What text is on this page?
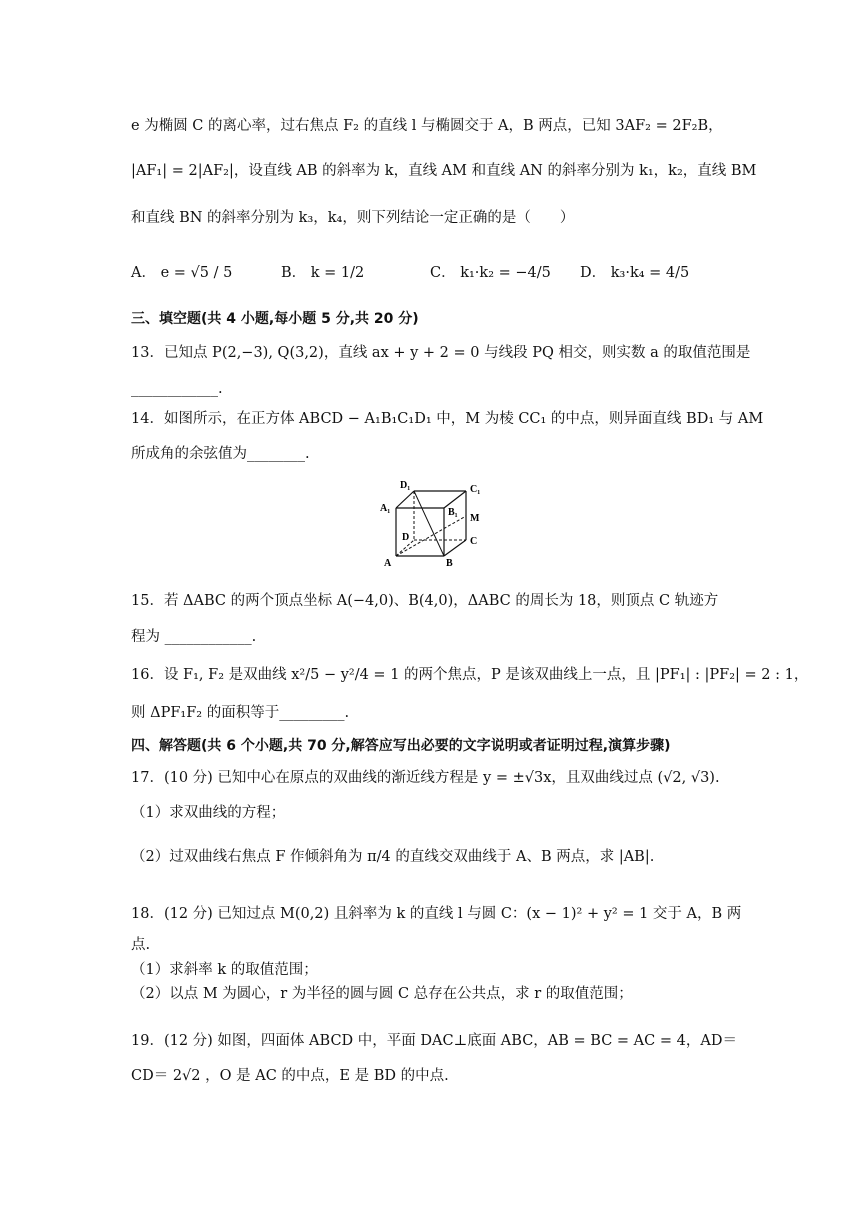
e 为椭圆 C 的离心率，过右焦点 F₂ 的直线 l 与椭圆交于 A，B 两点，已知 3AF₂ = 2F₂B，
|AF₁| = 2|AF₂|，设直线 AB 的斜率为 k，直线 AM 和直线 AN 的斜率分别为 k₁，k₂，直线 BM
和直线 BN 的斜率分别为 k₃，k₄，则下列结论一定正确的是（　　）
A． e = √5 / 5	B． k = 1/2	C． k₁·k₂ = −4/5 D． k₃·k₄ = 4/5
三、填空题(共 4 小题,每小题 5 分,共 20 分)
13．已知点 P(2,−3), Q(3,2)，直线 ax + y + 2 = 0 与线段 PQ 相交，则实数 a 的取值范围是
____________.
14．如图所示，在正方体 ABCD − A₁B₁C₁D₁ 中，M 为棱 CC₁ 的中点，则异面直线 BD₁ 与 AM
所成角的余弦值为________.
D₁	C₁
A₁	B₁
M
D	C
A	B
15．若 ΔABC 的两个顶点坐标 A(−4,0)、B(4,0)，ΔABC 的周长为 18，则顶点 C 轨迹方
程为 ____________.
16．设 F₁, F₂ 是双曲线 x²/5 − y²/4 = 1 的两个焦点，P 是该双曲线上一点，且 |PF₁| : |PF₂| = 2 : 1，
则 ΔPF₁F₂ 的面积等于_________.
四、解答题(共 6 个小题,共 70 分,解答应写出必要的文字说明或者证明过程,演算步骤)
17．(10 分) 已知中心在原点的双曲线的渐近线方程是 y = ±√3x，且双曲线过点 (√2, √3).
（1）求双曲线的方程；
（2）过双曲线右焦点 F 作倾斜角为 π/4 的直线交双曲线于 A、B 两点，求 |AB|.
18．(12 分) 已知过点 M(0,2) 且斜率为 k 的直线 l 与圆 C：(x − 1)² + y² = 1 交于 A，B 两
点.
（1）求斜率 k 的取值范围；
（2）以点 M 为圆心，r 为半径的圆与圆 C 总存在公共点，求 r 的取值范围；
19．(12 分) 如图，四面体 ABCD 中，平面 DAC⊥底面 ABC，AB = BC = AC = 4，AD＝
CD＝ 2√2 ，O 是 AC 的中点，E 是 BD 的中点.
